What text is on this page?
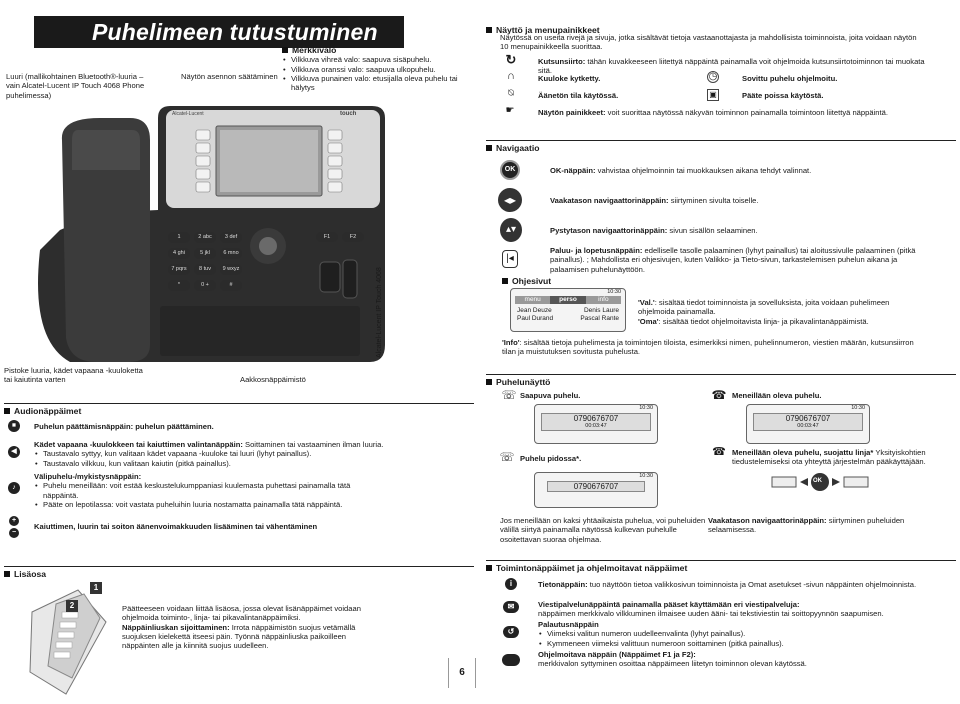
Puhelimeen tutustuminen
Luuri (mallikohtainen Bluetooth®-luuria – vain Alcatel-Lucent IP Touch 4068 Phone puhelimessa)
Näytön asennon säätäminen
Merkkivalo
• Vilkkuva vihreä valo: saapuva sisäpuhelu.
• Vilkkuva oranssi valo: saapuva ulkopuhelu.
• Vilkkuva punainen valo: etusijalla oleva puhelu tai hälytys
Alcatel-Lucent	touch
1	2 abc	3 def
4 ghi	5 jkl	6 mno
7 pqrs	8 tuv	9 wxyz
*	0 +	#
F1	F2
Alcatel-Lucent IP Touch 4068
Pistoke luuria, kädet vapaana -kuuloketta tai kaiutinta varten	Aakkosnäppäimistö
Audionäppäimet
⏹	Puhelun päättämisnäppäin: puhelun päättäminen.
◀
Kädet vapaana -kuulokkeen tai kaiuttimen valintanäppäin: Soittaminen tai vastaaminen ilman luuria.
• Taustavalo syttyy, kun valitaan kädet vapaana -kuuloke tai luuri (lyhyt painallus).
• Taustavalo vilkkuu, kun valitaan kaiutin (pitkä painallus).
♪
Välipuhelu-/mykistysnäppäin:
• Puhelu meneillään: voit estää keskustelukumppaniasi kuulemasta puhettasi painamalla tätä näppäintä.
• Pääte on lepotilassa: voit vastata puheluihin luuria nostamatta painamalla tätä näppäintä.
+
−
Kaiuttimen, luurin tai soiton äänenvoimakkuuden lisääminen tai vähentäminen
Lisäosa
1
2	Päätteeseen voidaan liittää lisäosa, jossa olevat lisänäppäimet voidaan ohjelmoida toiminto-, linja- tai pikavalintanäppäimiksi.
Näppäinliuskan sijoittaminen: Irrota näppäimistön suojus vetämällä suojuksen kielekettä itseesi päin. Työnnä näppäinliuska paikoilleen näppäinten alle ja kiinnitä suojus uudelleen.
6
Näyttö ja menupainikkeet
Näytössä on useita rivejä ja sivuja, jotka sisältävät tietoja vastaanottajasta ja mahdollisista toiminnoista, joita voidaan näytön 10 menupainikkeella suorittaa.
↻	Kutsunsiirto: tähän kuvakkeeseen liitettyä näppäintä painamalla voit ohjelmoida kutsunsiirtotoiminnon tai muokata sitä.
∩	Kuuloke kytketty.	◷	Sovittu puhelu ohjelmoitu.
⍉	Äänetön tila käytössä.	▣	Pääte poissa käytöstä.
☛	Näytön painikkeet: voit suorittaa näytössä näkyvän toiminnon painamalla toimintoon liitettyä näppäintä.
Navigaatio
OK	OK-näppäin: vahvistaa ohjelmoinnin tai muokkauksen aikana tehdyt valinnat.
◂▸	Vaakatason navigaattorinäppäin: siirtyminen sivulta toiselle.
▴▾	Pystytason navigaattorinäppäin: sivun sisällön selaaminen.
|◂
Paluu- ja lopetusnäppäin: edelliselle tasolle palaaminen (lyhyt painallus) tai aloitussivulle palaaminen (pitkä painallus). ; Mahdollista eri ohjesivujen, kuten Valikko- ja Tieto-sivun, tarkastelemisen puhelun aikana ja palaamisen puhelunäyttöön.
Ohjesivut
10:30
menu	perso	info
Jean Deuze	Denis Laure
Paul Durand	Pascal Rante
'Val.': sisältää tiedot toiminnoista ja sovelluksista, joita voidaan puhelimeen ohjelmoida painamalla.
'Oma': sisältää tiedot ohjelmoitavista linja- ja pikavalintanäppäimistä.
'Info': sisältää tietoja puhelimesta ja toimintojen tiloista, esimerkiksi nimen, puhelinnumeron, viestien määrän, kutsunsiirron tilan ja muistutuksen sovitusta puhelusta.
Puhelunäyttö
☏ Saapuva puhelu.
10:30
0790676707
00:03:47
☎ Meneillään oleva puhelu.
10:30
0790676707
00:03:47
☏ Puhelu pidossa*.
☎ Meneillään oleva puhelu, suojattu linja* Yksityiskohtien tiedustelemiseksi ota yhteyttä järjestelmän pääkäyttäjään.
10:30
0790676707
OK
Jos meneillään on kaksi yhtäaikaista puhelua, voi puheluiden välillä siirtyä painamalla näytössä kulkevan puhelulle osoitettavan suoraa ohjelmaa.
Vaakatason navigaattorinäppäin: siirtyminen puheluiden selaamisessa.
Toimintonäppäimet ja ohjelmoitavat näppäimet
i	Tietonäppäin: tuo näyttöön tietoa valikkosivun toiminnoista ja Omat asetukset -sivun näppäinten ohjelmoinnista.
✉	Viestipalvelunäppäintä painamalla pääset käyttämään eri viestipalveluja:
näppäimen merkkivalo vilkkuminen ilmaisee uuden ääni- tai tekstiviestin tai soittopyynnön saapumisen.
↺
Palautusnäppäin
• Viimeksi valitun numeron uudelleenvalinta (lyhyt painallus).
• Kymmeneen viimeksi valittuun numeroon soittaminen (pitkä painallus).
Ohjelmoitava näppäin (Näppäimet F1 ja F2):
merkkivalon syttyminen osoittaa näppäimeen liitetyn toiminnon olevan käytössä.
